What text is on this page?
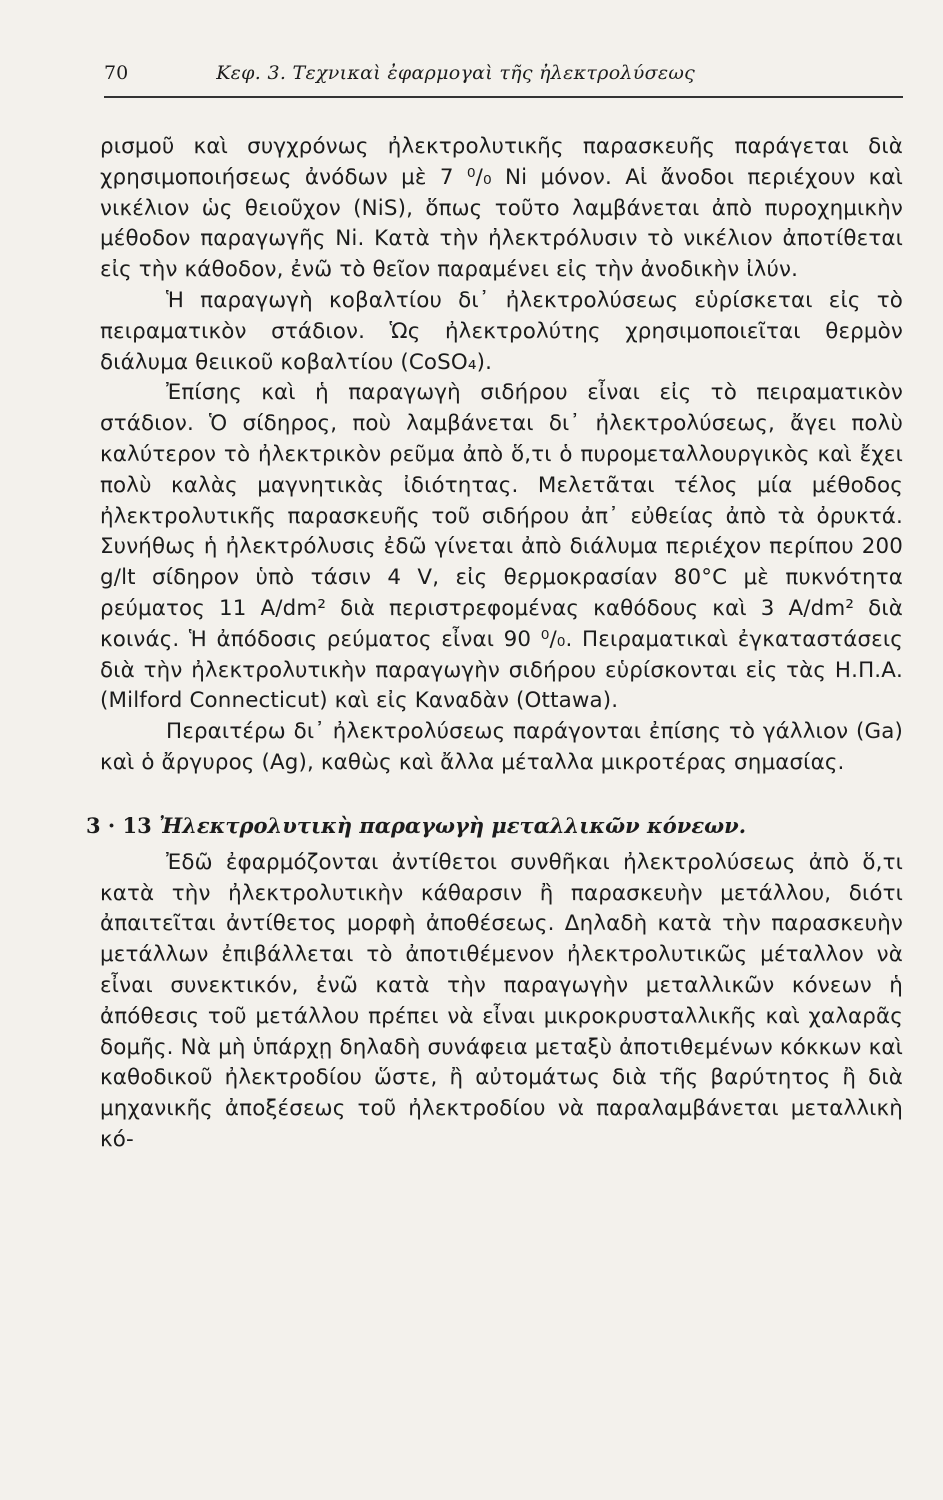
70	Κεφ. 3. Τεχνικαὶ ἐφαρμογαὶ τῆς ἠλεκτρολύσεως

ρισμοῦ καὶ συγχρόνως ἠλεκτρολυτικῆς παρασκευῆς παράγεται διὰ χρησιμοποιήσεως ἀνόδων μὲ 7 ⁰/₀ Ni μόνον. Αἱ ἄνοδοι περιέχουν καὶ νικέλιον ὡς θειοῦχον (NiS), ὅπως τοῦτο λαμβάνεται ἀπὸ πυροχημικὴν μέθοδον παραγωγῆς Ni. Κατὰ τὴν ἠλεκτρόλυσιν τὸ νικέλιον ἀποτίθεται εἰς τὴν κάθοδον, ἐνῶ τὸ θεῖον παραμένει εἰς τὴν ἀνοδικὴν ἰλύν.

Ἡ παραγωγὴ κοβαλτίου δι᾽ ἠλεκτρολύσεως εὑρίσκεται εἰς τὸ πειραματικὸν στάδιον. Ὡς ἠλεκτρολύτης χρησιμοποιεῖται θερμὸν διάλυμα θειικοῦ κοβαλτίου (CoSO₄).

Ἐπίσης καὶ ἡ παραγωγὴ σιδήρου εἶναι εἰς τὸ πειραματικὸν στάδιον. Ὁ σίδηρος, ποὺ λαμβάνεται δι᾽ ἠλεκτρολύσεως, ἄγει πολὺ καλύτερον τὸ ἠλεκτρικὸν ρεῦμα ἀπὸ ὅ,τι ὁ πυρομεταλλουργικὸς καὶ ἔχει πολὺ καλὰς μαγνητικὰς ἰδιότητας. Μελετᾶται τέλος μία μέθοδος ἠλεκτρολυτικῆς παρασκευῆς τοῦ σιδήρου ἀπ᾽ εὐθείας ἀπὸ τὰ ὀρυκτά. Συνήθως ἡ ἠλεκτρόλυσις ἐδῶ γίνεται ἀπὸ διάλυμα περιέχον περίπου 200 g/lt σίδηρον ὑπὸ τάσιν 4 V, εἰς θερμοκρασίαν 80°C μὲ πυκνότητα ρεύματος 11 A/dm² διὰ περιστρεφομένας καθόδους καὶ 3 A/dm² διὰ κοινάς. Ἡ ἀπόδοσις ρεύματος εἶναι 90 ⁰/₀. Πειραματικαὶ ἐγκαταστάσεις διὰ τὴν ἠλεκτρολυτικὴν παραγωγὴν σιδήρου εὑρίσκονται εἰς τὰς Η.Π.Α. (Milford Connecticut) καὶ εἰς Καναδὰν (Ottawa).

Περαιτέρω δι᾽ ἠλεκτρολύσεως παράγονται ἐπίσης τὸ γάλλιον (Ga) καὶ ὁ ἄργυρος (Ag), καθὼς καὶ ἄλλα μέταλλα μικροτέρας σημασίας.

3 · 13 Ἠλεκτρολυτικὴ παραγωγὴ μεταλλικῶν κόνεων.

Ἐδῶ ἐφαρμόζονται ἀντίθετοι συνθῆκαι ἠλεκτρολύσεως ἀπὸ ὅ,τι κατὰ τὴν ἠλεκτρολυτικὴν κάθαρσιν ἢ παρασκευὴν μετάλλου, διότι ἀπαιτεῖται ἀντίθετος μορφὴ ἀποθέσεως. Δηλαδὴ κατὰ τὴν παρασκευὴν μετάλλων ἐπιβάλλεται τὸ ἀποτιθέμενον ἠλεκτρολυτικῶς μέταλλον νὰ εἶναι συνεκτικόν, ἐνῶ κατὰ τὴν παραγωγὴν μεταλλικῶν κόνεων ἡ ἀπόθεσις τοῦ μετάλλου πρέπει νὰ εἶναι μικροκρυσταλλικῆς καὶ χαλαρᾶς δομῆς. Νὰ μὴ ὑπάρχῃ δηλαδὴ συνάφεια μεταξὺ ἀποτιθεμένων κόκκων καὶ καθοδικοῦ ἠλεκτροδίου ὥστε, ἢ αὐτομάτως διὰ τῆς βαρύτητος ἢ διὰ μηχανικῆς ἀποξέσεως τοῦ ἠλεκτροδίου νὰ παραλαμβάνεται μεταλλικὴ κό-
